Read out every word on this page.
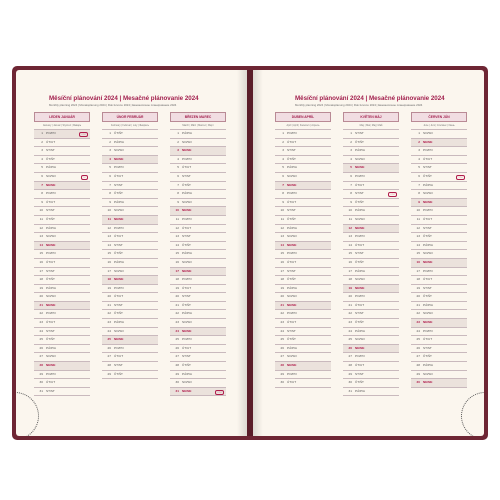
Měsíční plánování 2024 | Mesačné plánovanie 2024
Monthly planning 2024 | Monatsplanung 2024 | Rok fervonu 2024 | Ежемесячное планирование 2024
LEDEN JANUÁR
January | Januar | Styczeń | Январь
1 PO/PO	○○○
2 ÚT/UT
3 ST/ST
4 ČT/ŠT
5 PÁ/PIA
6 SO/SO	○○
7 NE/NE
8 PO/PO
9 ÚT/UT
10 ST/ST
11 ČT/ŠT
12 PÁ/PIA
13 SO/SO
14 NE/NE
15 PO/PO
16 ÚT/UT
17 ST/ST
18 ČT/ŠT
19 PÁ/PIA
20 SO/SO
21 NE/NE
22 PO/PO
23 ÚT/UT
24 ST/ST
25 ČT/ŠT
26 PÁ/PIA
27 SO/SO
28 NE/NE
29 PO/PO
30 ÚT/UT
31 ST/ST
ÚNOR FEBRUÁR
February | Februar | Luty | Февраль
1 ČT/ŠT
2 PÁ/PIA
3 SO/SO
4 NE/NE
5 PO/PO
6 ÚT/UT
7 ST/ST
8 ČT/ŠT
9 PÁ/PIA
10 SO/SO
11 NE/NE
12 PO/PO
13 ÚT/UT
14 ST/ST
15 ČT/ŠT
16 PÁ/PIA
17 SO/SO
18 NE/NE
19 PO/PO
20 ÚT/UT
21 ST/ST
22 ČT/ŠT
23 PÁ/PIA
24 SO/SO
25 NE/NE
26 PO/PO
27 ÚT/UT
28 ST/ST
29 ČT/ŠT
BŘEZEN MAREC
March | März | Marzec | Март
1 PÁ/PIA
2 SO/SO
3 NE/NE
4 PO/PO
5 ÚT/UT
6 ST/ST
7 ČT/ŠT
8 PÁ/PIA
9 SO/SO
10 NE/NE
11 PO/PO
12 ÚT/UT
13 ST/ST
14 ČT/ŠT
15 PÁ/PIA
16 SO/SO
17 NE/NE
18 PO/PO
19 ÚT/UT
20 ST/ST
21 ČT/ŠT
22 PÁ/PIA
23 SO/SO
24 NE/NE
25 PO/PO
26 ÚT/UT
27 ST/ST
28 ČT/ŠT
29 PÁ/PIA
30 SO/SO
31 NE/NE	○○○
Měsíční plánování 2024 | Mesačné plánovanie 2024
Monthly planning 2024 | Monatsplanung 2024 | Rok fervonu 2024 | Ежемесячное планирование 2024
DUBEN APRÍL
April | April | Kwiecień | Апрель
1 PO/PO
2 ÚT/UT
3 ST/ST
4 ČT/ŠT
5 PÁ/PIA
6 SO/SO
7 NE/NE
8 PO/PO
9 ÚT/UT
10 ST/ST
11 ČT/ŠT
12 PÁ/PIA
13 SO/SO
14 NE/NE
15 PO/PO
16 ÚT/UT
17 ST/ST
18 ČT/ŠT
19 PÁ/PIA
20 SO/SO
21 NE/NE
22 PO/PO
23 ÚT/UT
24 ST/ST
25 ČT/ŠT
26 PÁ/PIA
27 SO/SO
28 NE/NE
29 PO/PO
30 ÚT/UT
KVĚTEN MÁJ
May | Mai | Maj | Май
1 ST/ST
2 ČT/ŠT
3 PÁ/PIA
4 SO/SO
5 NE/NE
6 PO/PO
7 ÚT/UT
8 ST/ST	○○○
9 ČT/ŠT
10 PÁ/PIA
11 SO/SO
12 NE/NE
13 PO/PO
14 ÚT/UT
15 ST/ST
16 ČT/ŠT
17 PÁ/PIA
18 SO/SO
19 NE/NE
20 PO/PO
21 ÚT/UT
22 ST/ST
23 ČT/ŠT
24 PÁ/PIA
25 SO/SO
26 NE/NE
27 PO/PO
28 ÚT/UT
29 ST/ST
30 ČT/ŠT
31 PÁ/PIA
ČERVEN JÚN
June | Juni | Czerwiec | Июнь
1 SO/SO
2 NE/NE
3 PO/PO
4 ÚT/UT
5 ST/ST
6 ČT/ŠT	○○○
7 PÁ/PIA
8 SO/SO
9 NE/NE
10 PO/PO
11 ÚT/UT
12 ST/ST
13 ČT/ŠT
14 PÁ/PIA
15 SO/SO
16 NE/NE
17 PO/PO
18 ÚT/UT
19 ST/ST
20 ČT/ŠT
21 PÁ/PIA
22 SO/SO
23 NE/NE
24 PO/PO
25 ÚT/UT
26 ST/ST
27 ČT/ŠT
28 PÁ/PIA
29 SO/SO
30 NE/NE
